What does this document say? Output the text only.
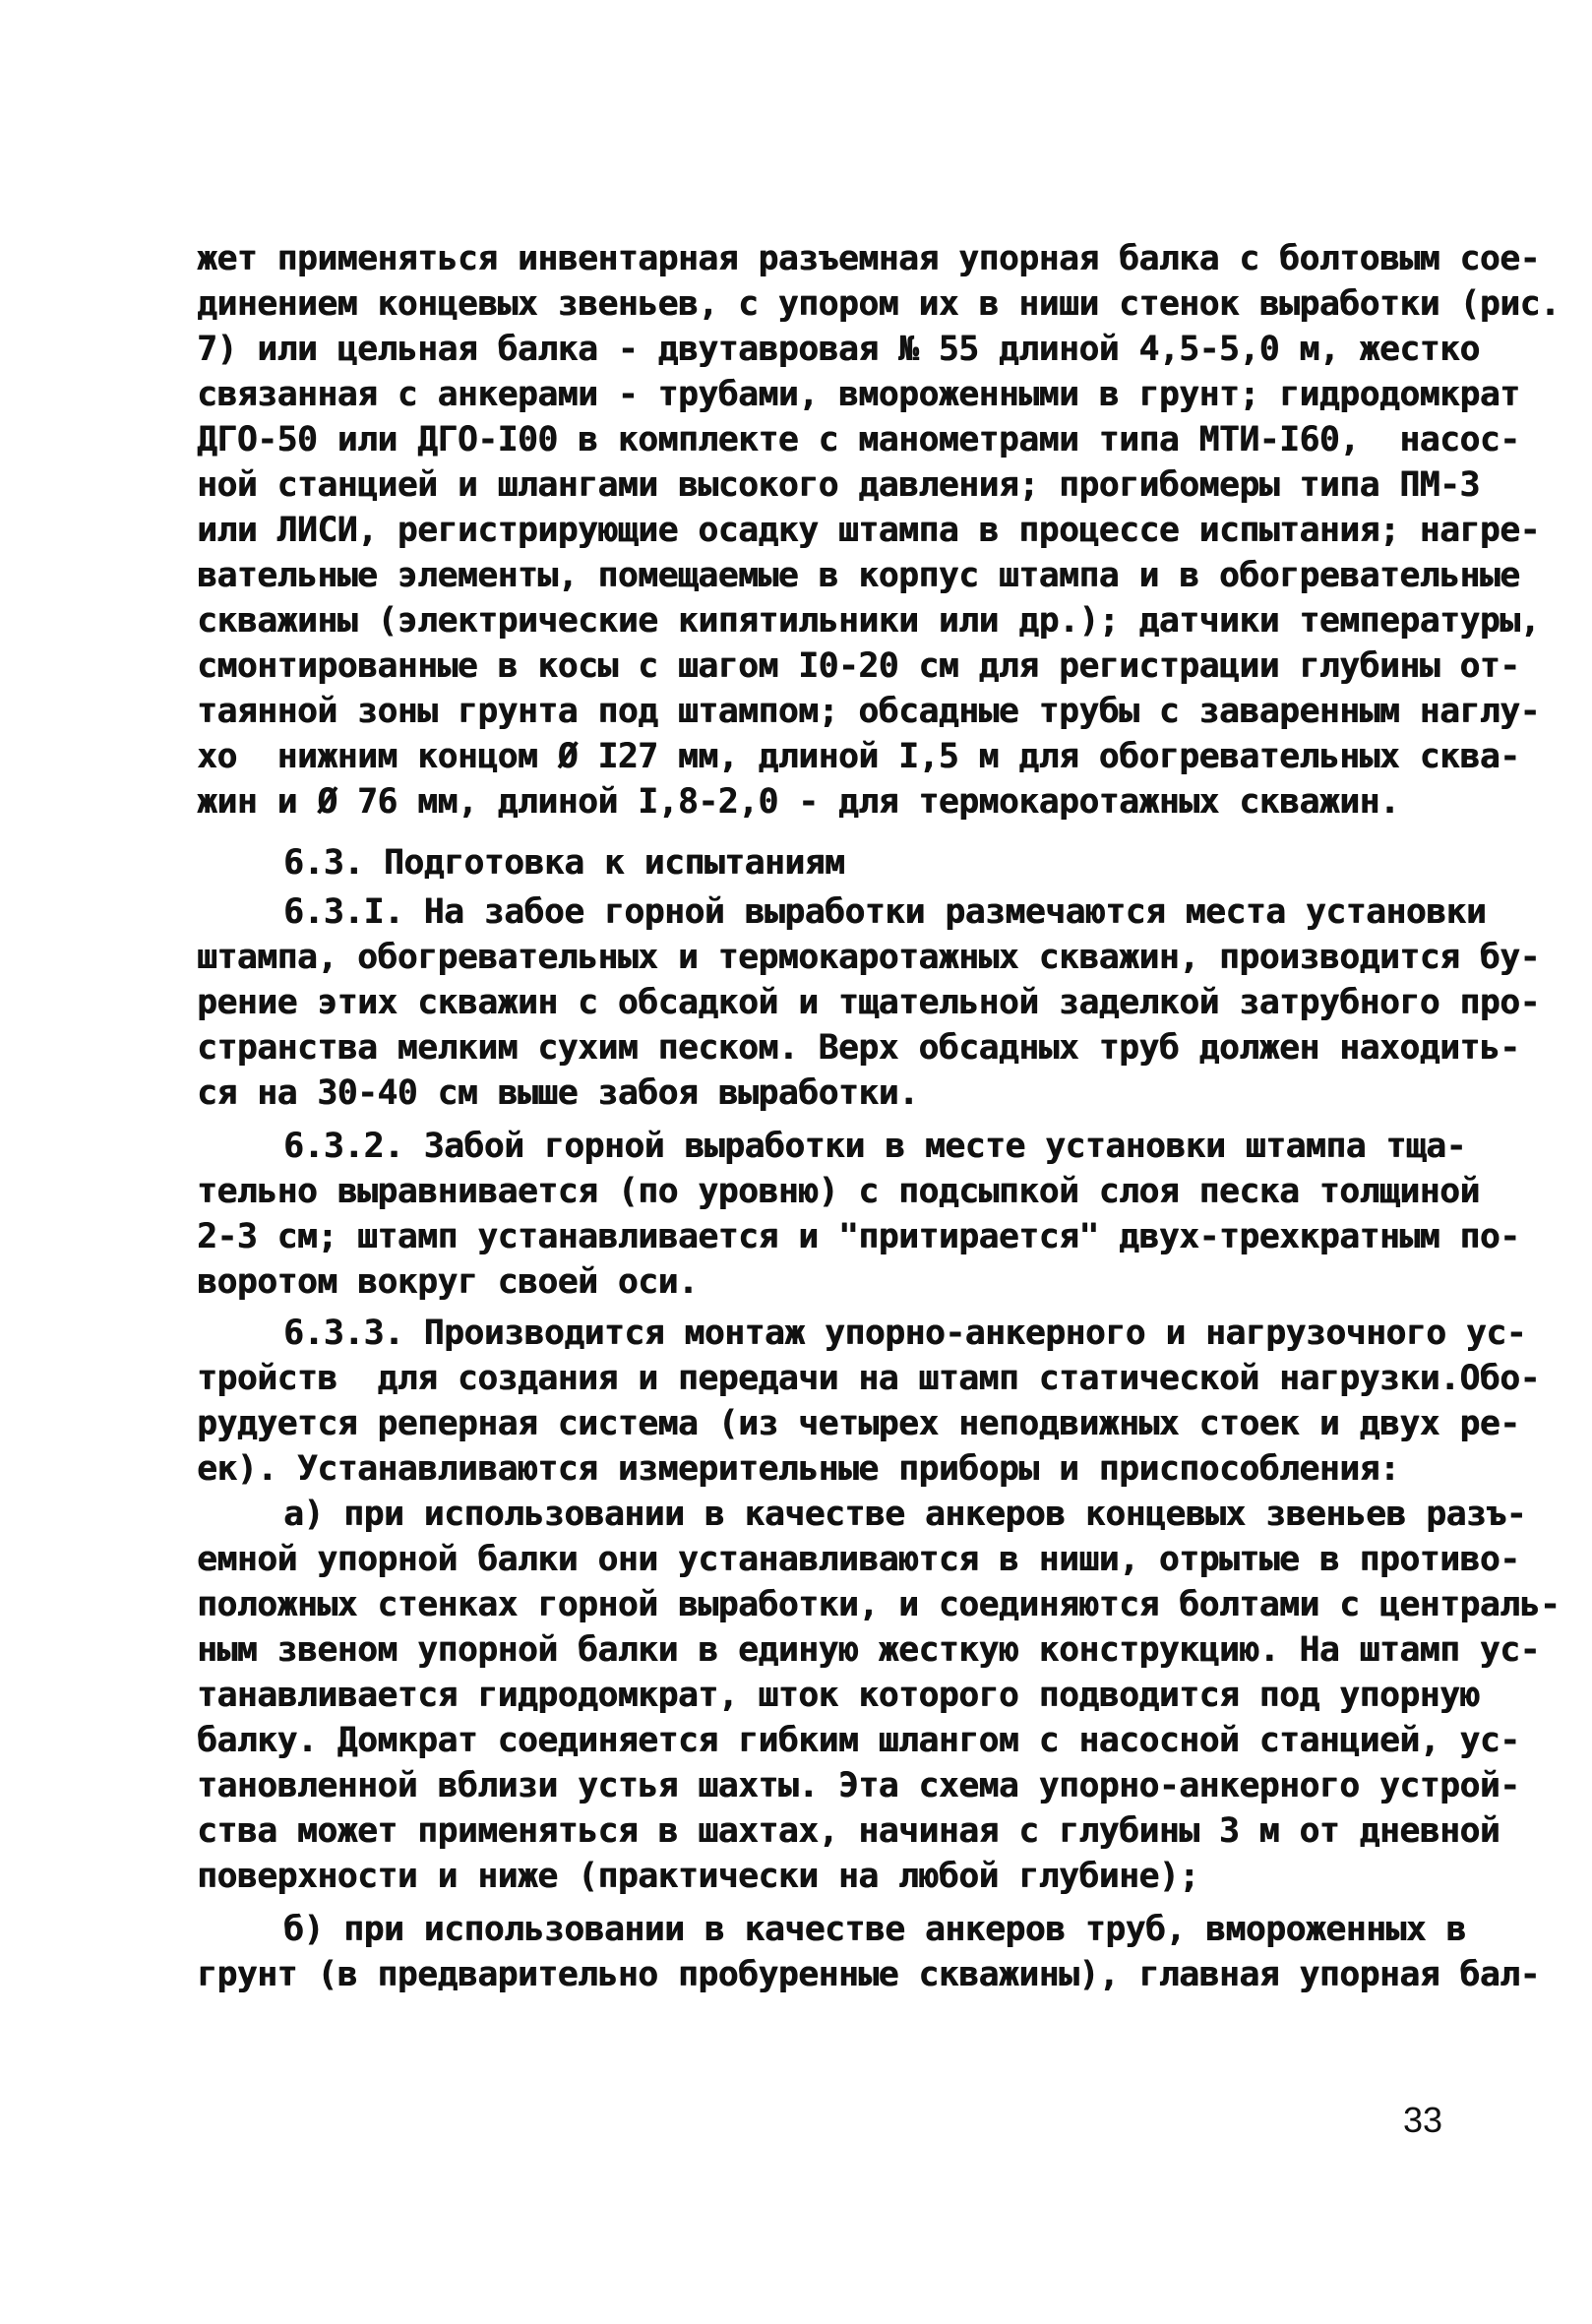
жет применяться инвентарная разъемная упорная балка с болтовым сое-
динением концевых звеньев, с упором их в ниши стенок выработки (рис.
7) или цельная балка - двутавровая № 55 длиной 4,5-5,0 м, жестко
связанная с анкерами - трубами, вмороженными в грунт; гидродомкрат
ДГО-50 или ДГО-I00 в комплекте с манометрами типа МТИ-I60,  насос-
ной станцией и шлангами высокого давления; прогибомеры типа ПМ-3
или ЛИСИ, регистрирующие осадку штампа в процессе испытания; нагре-
вательные элементы, помещаемые в корпус штампа и в обогревательные
скважины (электрические кипятильники или др.); датчики температуры,
смонтированные в косы с шагом I0-20 см для регистрации глубины от-
таянной зоны грунта под штампом; обсадные трубы с заваренным наглу-
хо  нижним концом Ø I27 мм, длиной I,5 м для обогревательных сква-
жин и Ø 76 мм, длиной I,8-2,0 - для термокаротажных скважин.
6.3. Подготовка к испытаниям
6.3.I. На забое горной выработки размечаются места установки
штампа, обогревательных и термокаротажных скважин, производится бу-
рение этих скважин с обсадкой и тщательной заделкой затрубного про-
странства мелким сухим песком. Верх обсадных труб должен находить-
ся на 30-40 см выше забоя выработки.
6.3.2. Забой горной выработки в месте установки штампа тща-
тельно выравнивается (по уровню) с подсыпкой слоя песка толщиной
2-3 см; штамп устанавливается и "притирается" двух-трехкратным по-
воротом вокруг своей оси.
6.3.3. Производится монтаж упорно-анкерного и нагрузочного ус-
тройств  для создания и передачи на штамп статической нагрузки.Обо-
рудуется реперная система (из четырех неподвижных стоек и двух ре-
ек). Устанавливаются измерительные приборы и приспособления:
а) при использовании в качестве анкеров концевых звеньев разъ-
емной упорной балки они устанавливаются в ниши, отрытые в противо-
положных стенках горной выработки, и соединяются болтами с централь-
ным звеном упорной балки в единую жесткую конструкцию. На штамп ус-
танавливается гидродомкрат, шток которого подводится под упорную
балку. Домкрат соединяется гибким шлангом с насосной станцией, ус-
тановленной вблизи устья шахты. Эта схема упорно-анкерного устрой-
ства может применяться в шахтах, начиная с глубины 3 м от дневной
поверхности и ниже (практически на любой глубине);
б) при использовании в качестве анкеров труб, вмороженных в
грунт (в предварительно пробуренные скважины), главная упорная бал-
33
